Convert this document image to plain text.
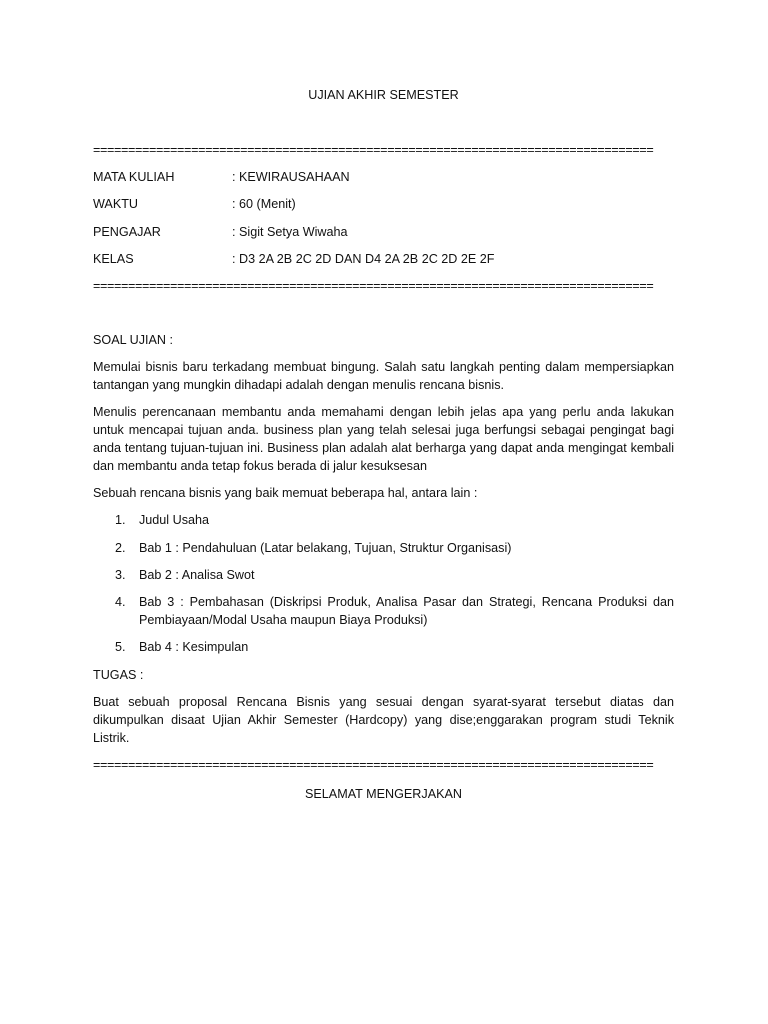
UJIAN AKHIR SEMESTER
================================================================================
MATA KULIAH	: KEWIRAUSAHAAN
WAKTU	: 60 (Menit)
PENGAJAR	: Sigit Setya Wiwaha
KELAS	: D3 2A 2B 2C 2D DAN D4 2A 2B 2C 2D 2E 2F
================================================================================

SOAL UJIAN :

Memulai bisnis baru terkadang membuat bingung. Salah satu langkah penting dalam mempersiapkan tantangan yang mungkin dihadapi adalah dengan menulis rencana bisnis.

Menulis perencanaan membantu anda memahami dengan lebih jelas apa yang perlu anda lakukan untuk mencapai tujuan anda. business plan yang telah selesai juga berfungsi sebagai pengingat bagi anda tentang tujuan-tujuan ini. Business plan adalah alat berharga yang dapat anda mengingat kembali dan membantu anda tetap fokus berada di jalur kesuksesan

Sebuah rencana bisnis yang baik memuat beberapa hal, antara lain :

1. Judul Usaha
2. Bab 1 : Pendahuluan (Latar belakang, Tujuan, Struktur Organisasi)
3. Bab 2 : Analisa Swot
4. Bab 3 : Pembahasan (Diskripsi Produk, Analisa Pasar dan Strategi, Rencana Produksi dan Pembiayaan/Modal Usaha maupun Biaya Produksi)
5. Bab 4 : Kesimpulan

TUGAS :

Buat sebuah proposal Rencana Bisnis yang sesuai dengan syarat-syarat tersebut diatas dan dikumpulkan disaat Ujian Akhir Semester (Hardcopy) yang dise;enggarakan program studi Teknik Listrik.

================================================================================
SELAMAT MENGERJAKAN
